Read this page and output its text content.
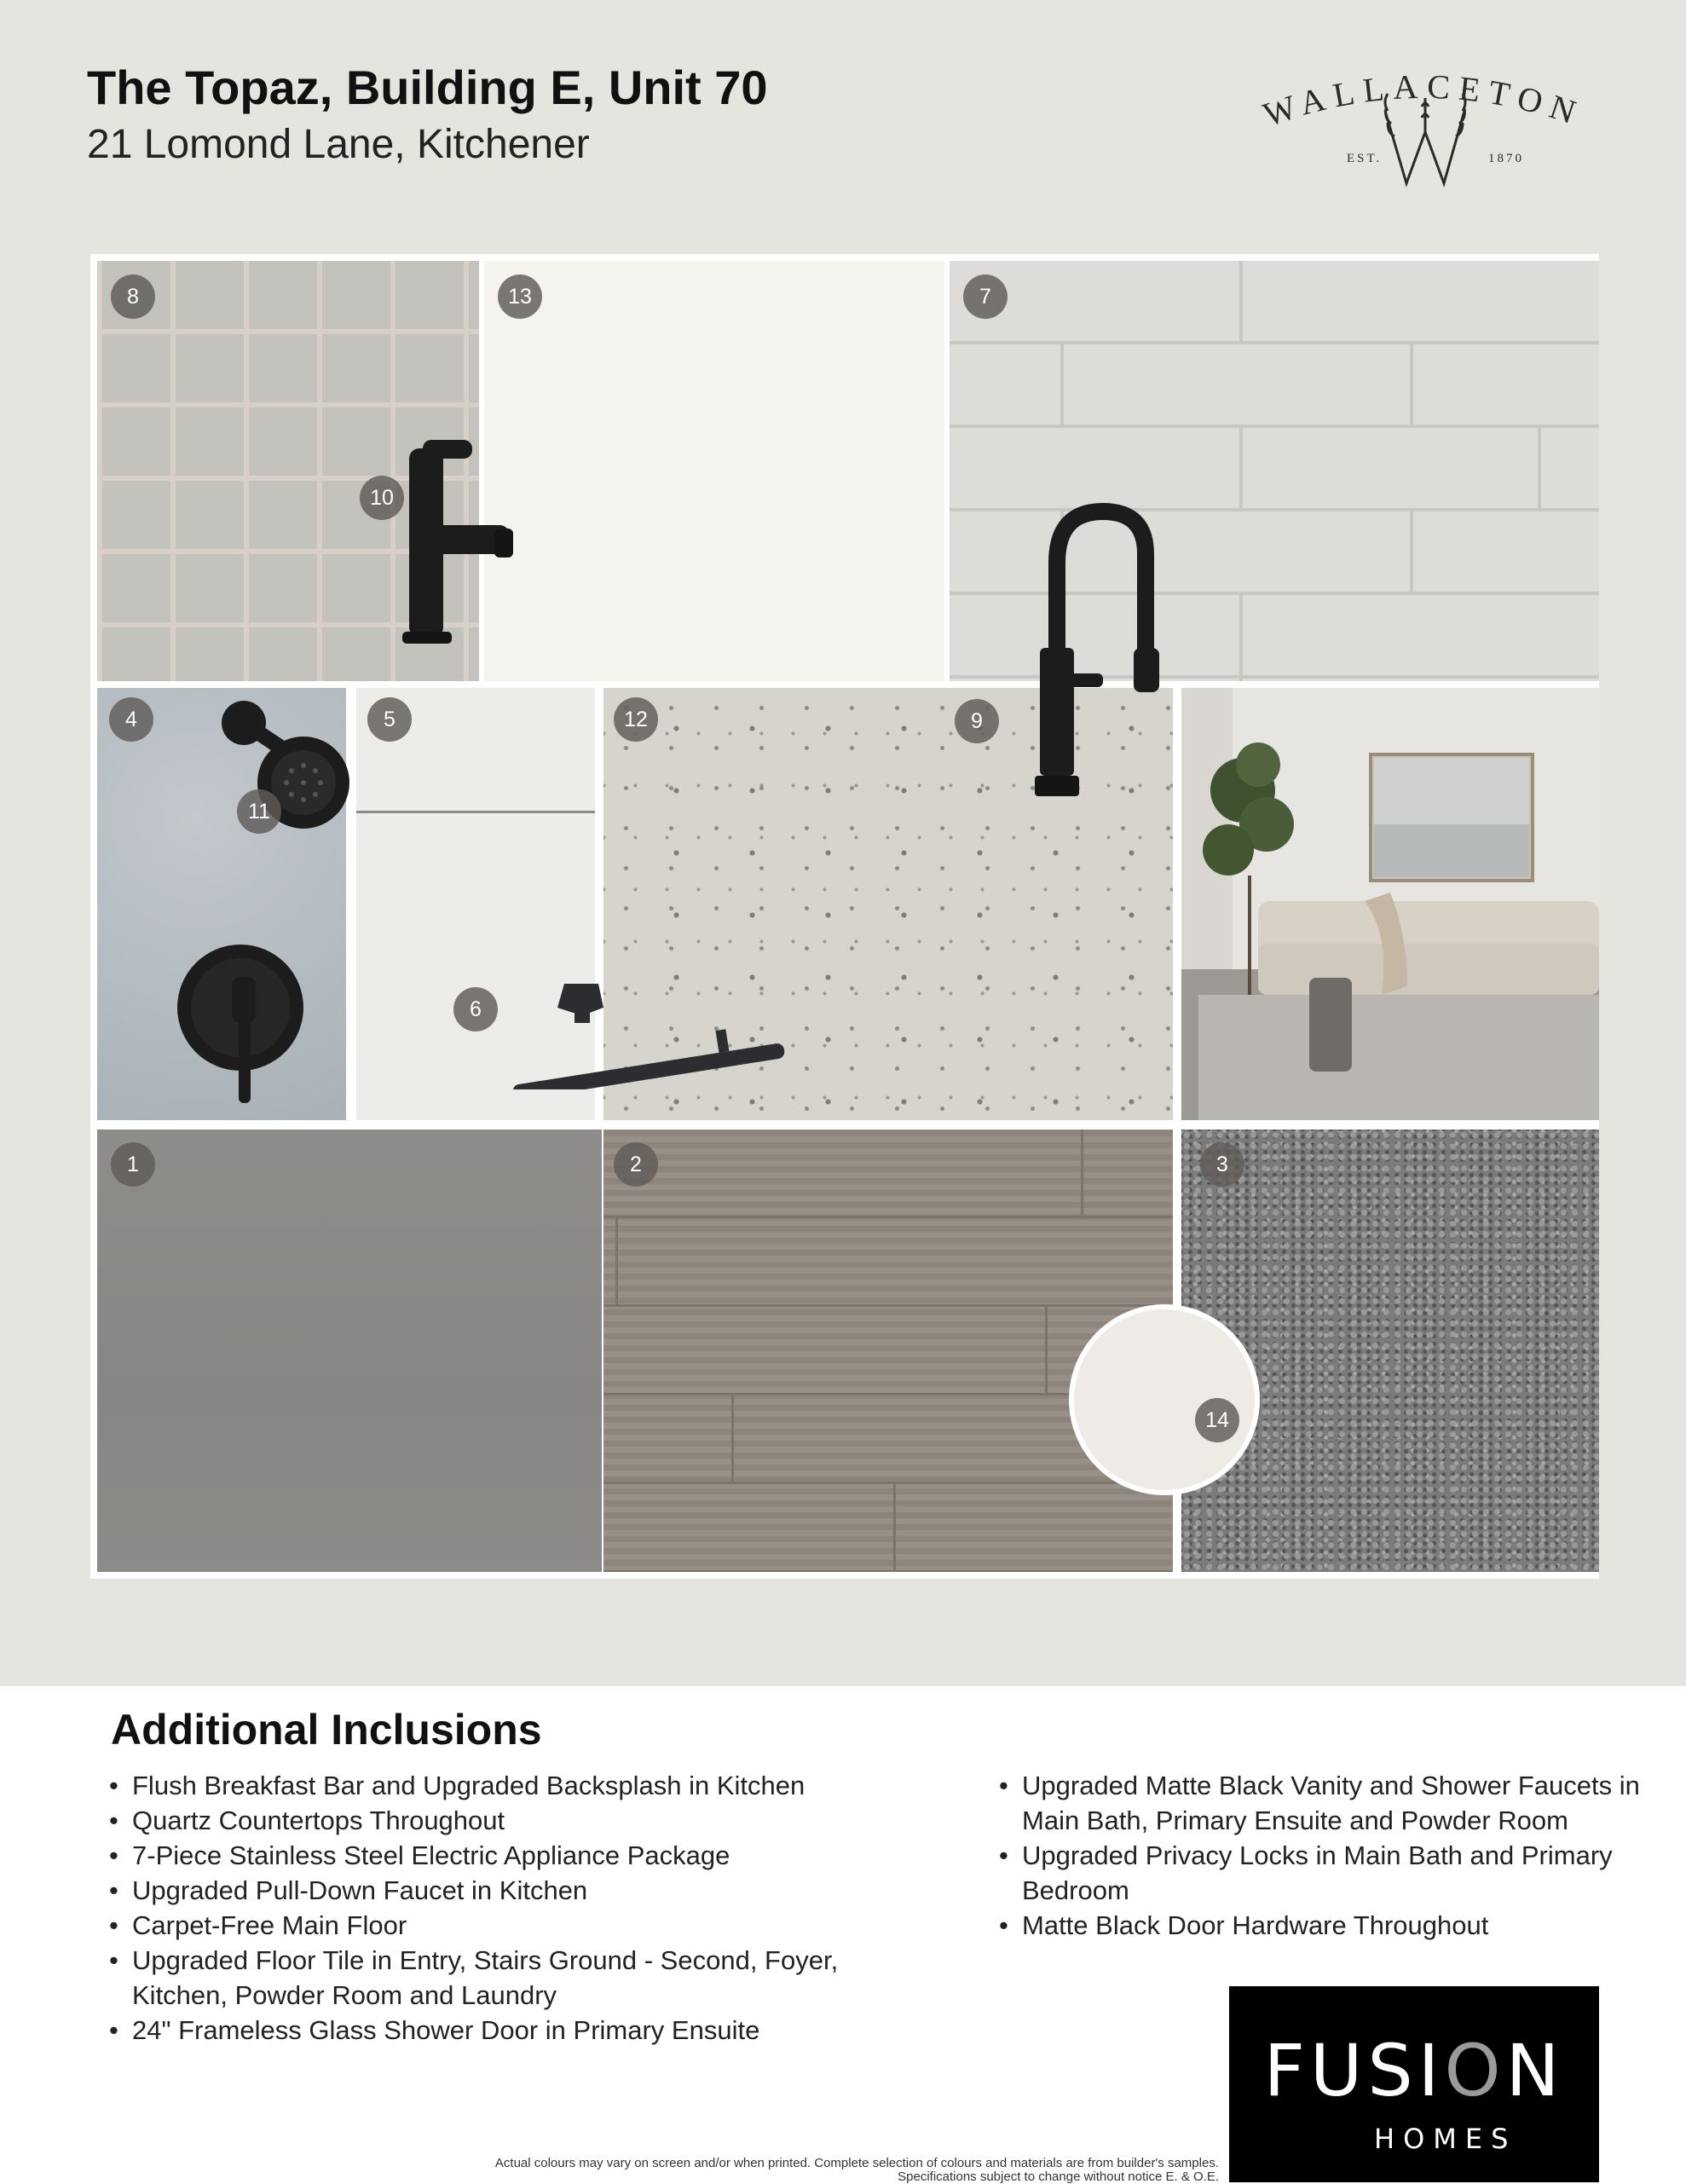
The Topaz, Building E, Unit 70
21 Lomond Lane, Kitchener
WALLACETON
EST.	1870
8	13	7
10
4	5	12	9
11
6
1	2	3
14
Additional Inclusions
• Flush Breakfast Bar and Upgraded Backsplash in Kitchen
• Quartz Countertops Throughout
• 7-Piece Stainless Steel Electric Appliance Package
• Upgraded Pull-Down Faucet in Kitchen
• Carpet-Free Main Floor
• Upgraded Floor Tile in Entry, Stairs Ground - Second, Foyer, Kitchen, Powder Room and Laundry
• 24" Frameless Glass Shower Door in Primary Ensuite
• Upgraded Matte Black Vanity and Shower Faucets in Main Bath, Primary Ensuite and Powder Room
• Upgraded Privacy Locks in Main Bath and Primary Bedroom
• Matte Black Door Hardware Throughout
FUSION
HOMES
Actual colours may vary on screen and/or when printed. Complete selection of colours and materials are from builder's samples.
Specifications subject to change without notice E. & O.E.
